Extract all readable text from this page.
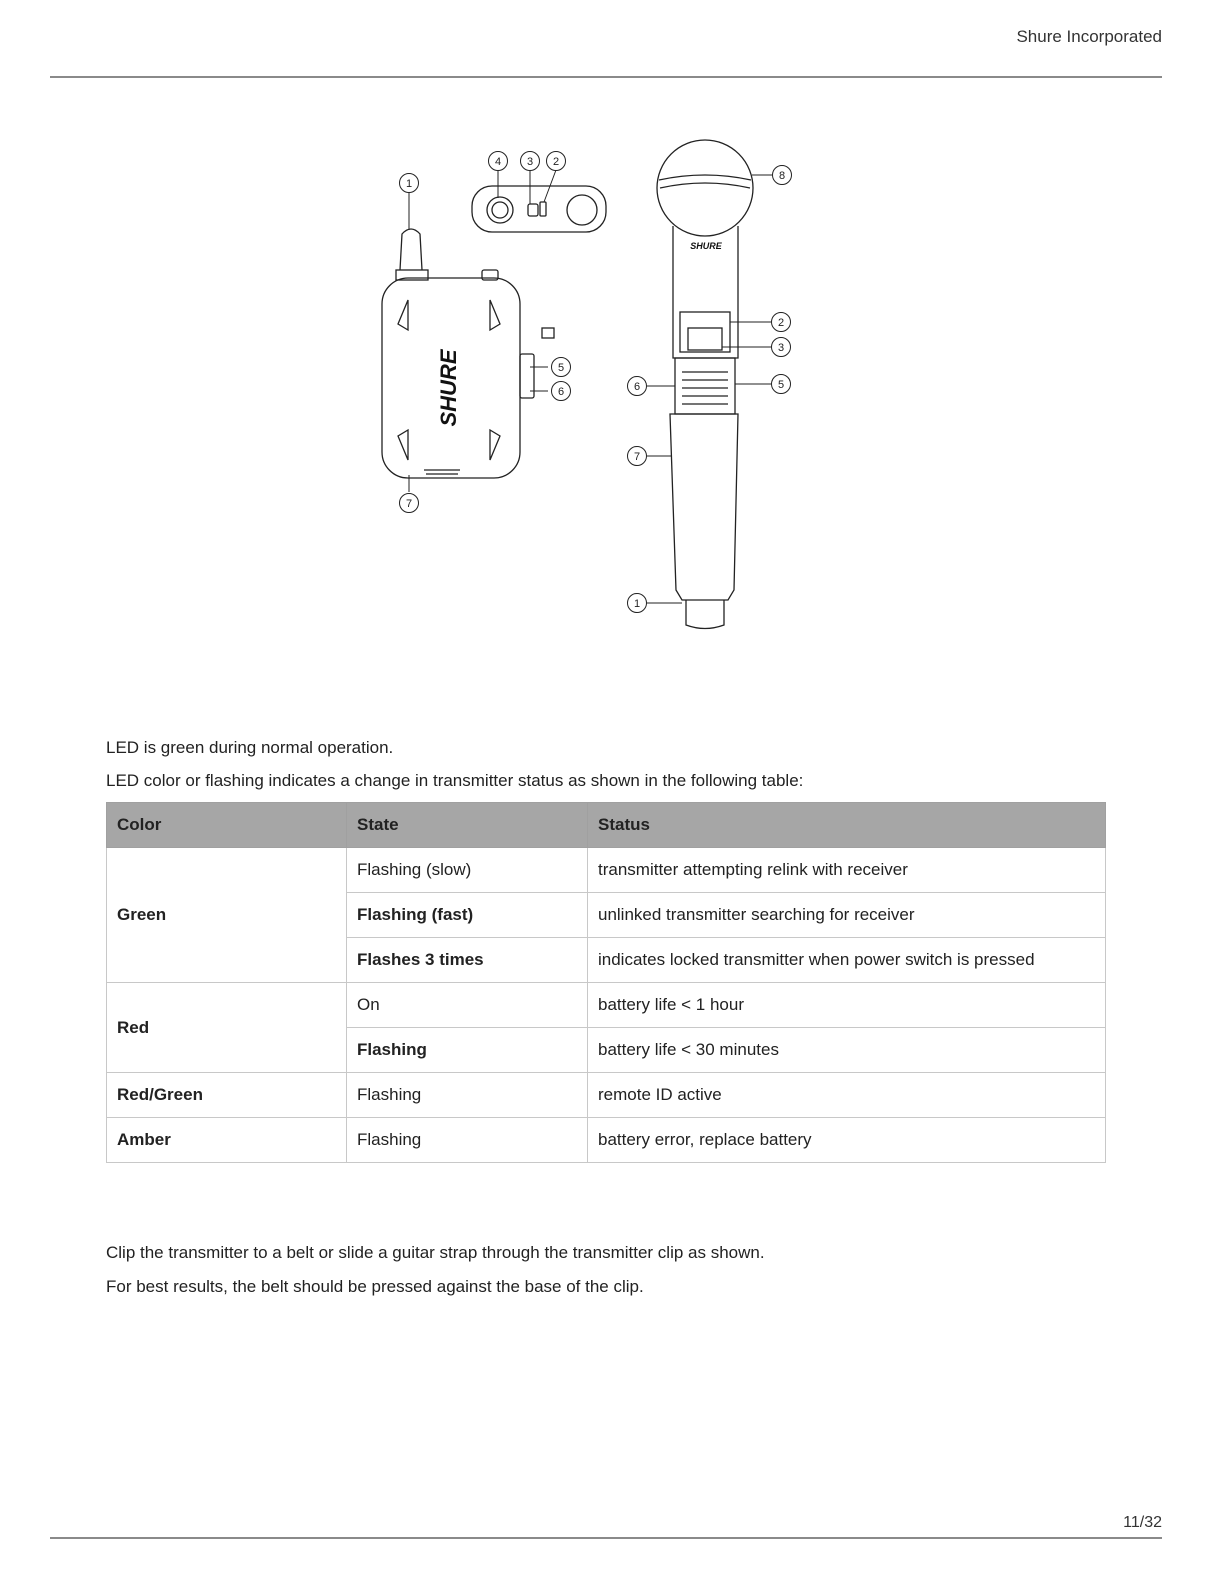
Shure Incorporated
SHURE
SHURE
1
4 3 2
5
6
7
8
2
3
6	5
7
1
LED is green during normal operation.
LED color or flashing indicates a change in transmitter status as shown in the following table:
Color	State	Status
Green	Flashing (slow)	transmitter attempting relink with receiver
	Flashing (fast)	unlinked transmitter searching for receiver
	Flashes 3 times	indicates locked transmitter when power switch is pressed
Red	On	battery life < 1 hour
	Flashing	battery life < 30 minutes
Red/Green	Flashing	remote ID active
Amber	Flashing	battery error, replace battery
Clip the transmitter to a belt or slide a guitar strap through the transmitter clip as shown.
For best results, the belt should be pressed against the base of the clip.
11/32
